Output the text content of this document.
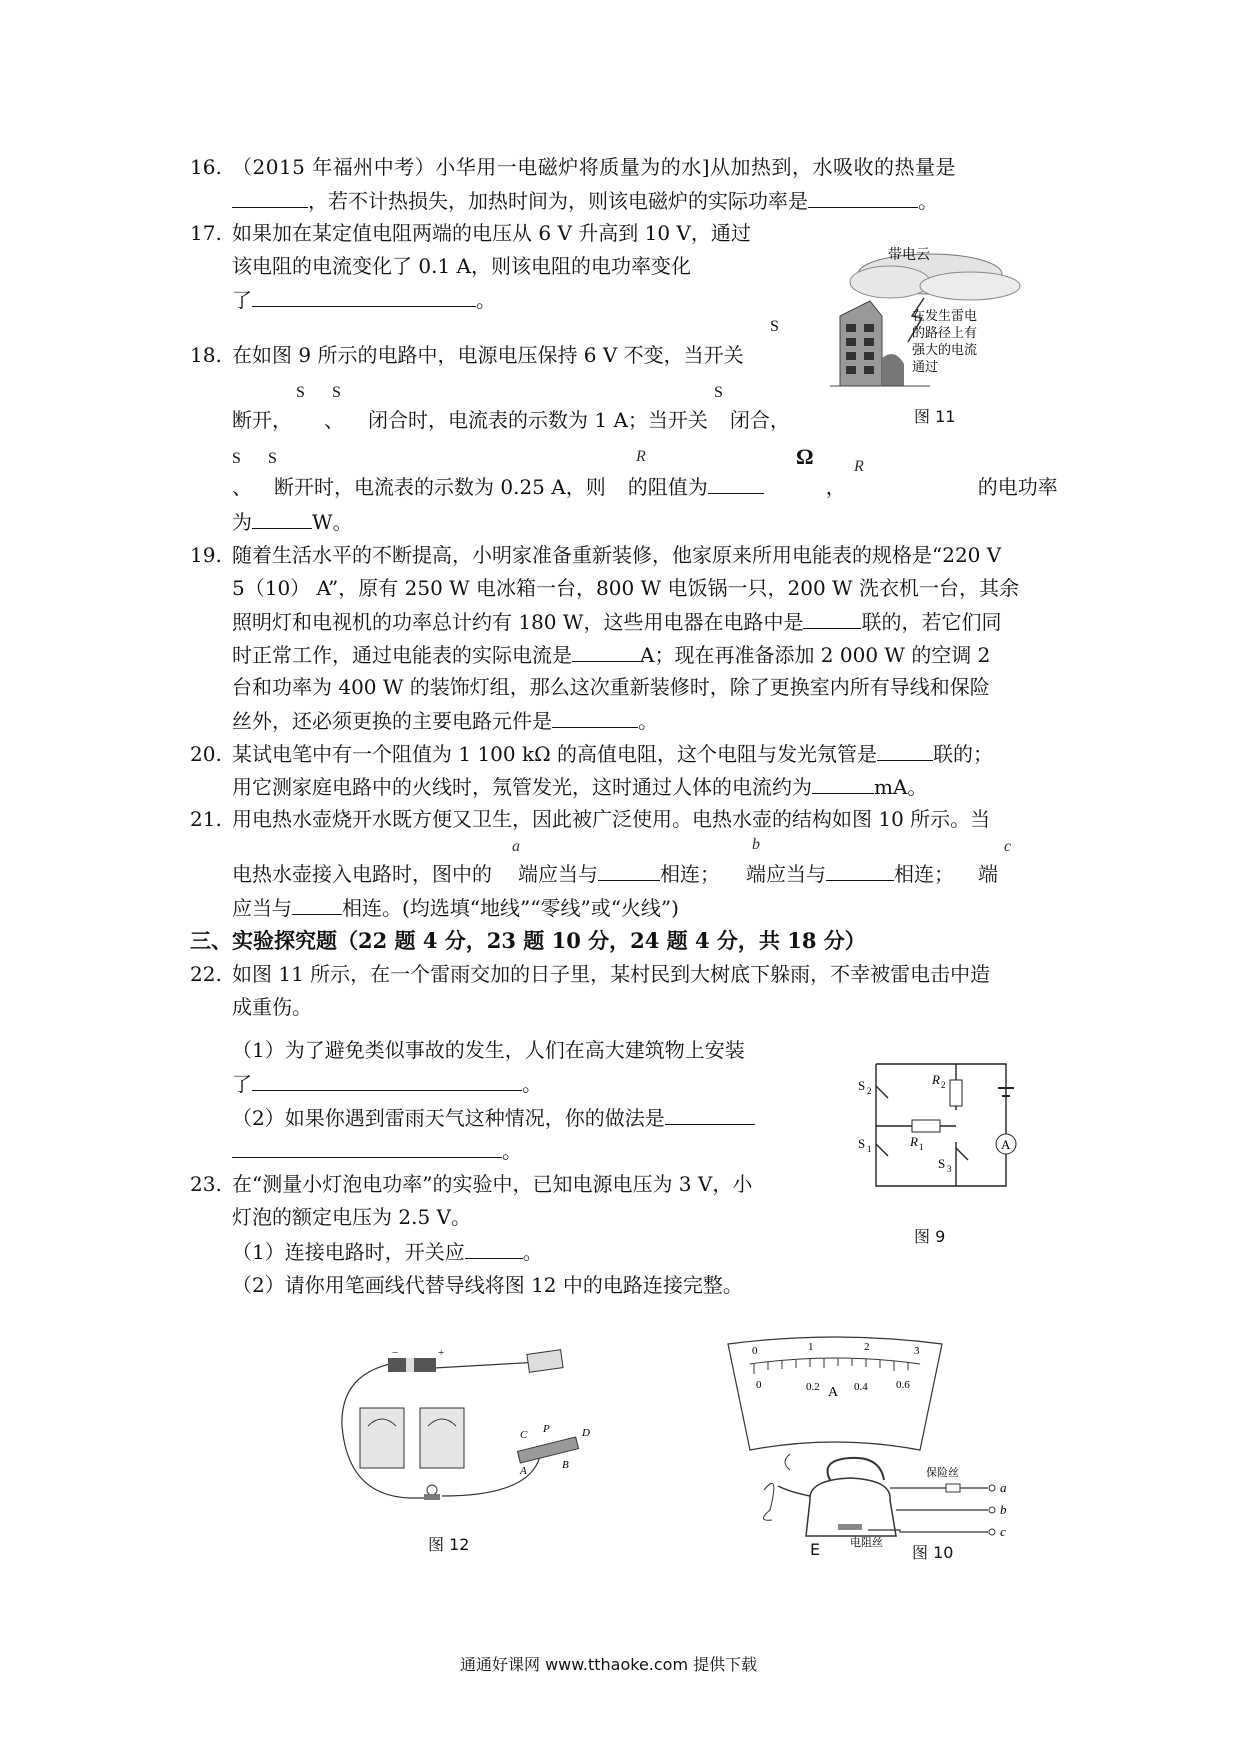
16. （2015 年福州中考）小华用一电磁炉将质量为的水]从加热到，水吸收的热量是
，若不计热损失，加热时间为，则该电磁炉的实际功率是	。
17. 如果加在某定值电阻两端的电压从 6 V 升高到 10 V，通过
该电阻的电流变化了 0.1 A，则该电阻的电功率变化
了	。
S
18. 在如图 9 所示的电路中，电源电压保持 6 V 不变，当开关
S S	S
断开， 、 闭合时，电流表的示数为 1 A；当开关 闭合，
S S	R	Ω	R
、 断开时，电流表的示数为 0.25 A，则 的阻值为	，	的电功率
为	W。
19. 随着生活水平的不断提高，小明家准备重新装修，他家原来所用电能表的规格是“220 V
5（10） A”，原有 250 W 电冰箱一台，800 W 电饭锅一只，200 W 洗衣机一台，其余
照明灯和电视机的功率总计约有 180 W，这些用电器在电路中是	联的，若它们同
时正常工作，通过电能表的实际电流是	A；现在再准备添加 2 000 W 的空调 2
台和功率为 400 W 的装饰灯组，那么这次重新装修时，除了更换室内所有导线和保险
丝外，还必须更换的主要电路元件是	。
20. 某试电笔中有一个阻值为 1 100 kΩ 的高值电阻，这个电阻与发光氖管是	联的；
用它测家庭电路中的火线时，氖管发光，这时通过人体的电流约为	mA。
21. 用电热水壶烧开水既方便又卫生，因此被广泛使用。电热水壶的结构如图 10 所示。当
a	b	c
电热水壶接入电路时，图中的 端应当与	相连； 端应当与	相连； 端
应当与	相连。(均选填“地线”“零线”或“火线”)
三、实验探究题（22 题 4 分，23 题 10 分，24 题 4 分，共 18 分）
22. 如图 11 所示，在一个雷雨交加的日子里，某村民到大树底下躲雨，不幸被雷电击中造
成重伤。
（1）为了避免类似事故的发生，人们在高大建筑物上安装
了	。
（2）如果你遇到雷雨天气这种情况，你的做法是
。
23. 在“测量小灯泡电功率”的实验中，已知电源电压为 3 V，小
灯泡的额定电压为 2.5 V。
（1）连接电路时，开关应	。
（2）请你用笔画线代替导线将图 12 中的电路连接完整。
带电云
在发生雷电
的路径上有
强大的电流
通过
图 11
S 2
R 2
R 1
S 1
S 3
A
图 9
C P	D
A	B
−	+
图 12
0	1	2	3
0	0.2	0.4	0.6
A
保险丝
电阻丝
a
b
c
E	图 10
通通好课网 www.tthaoke.com 提供下载
